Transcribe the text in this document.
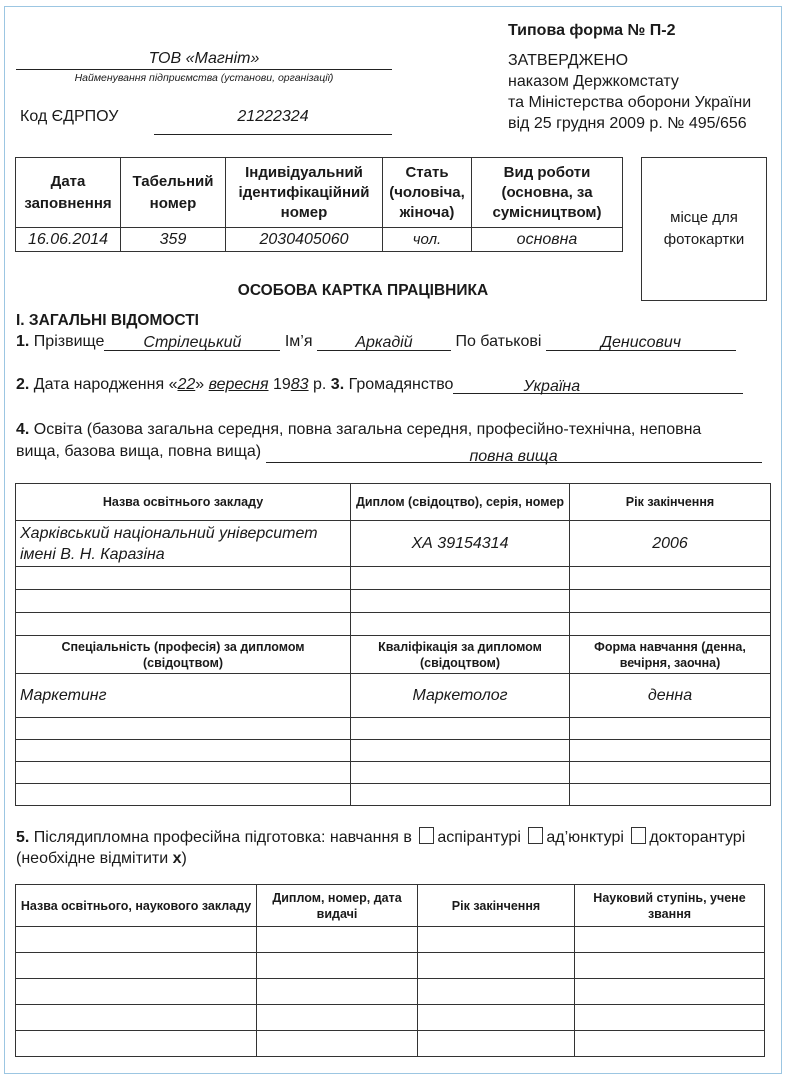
Типова форма № П-2
ЗАТВЕРДЖЕНО
наказом Держкомстату
та Міністерства оборони України
від 25 грудня 2009 р. № 495/656
ТОВ «Магніт»
Найменування підприємства (установи, організації)
Код ЄДРПОУ	21222324
Дата заповнення	Табельний номер	Індивідуальний ідентифікаційний номер	Стать (чоловіча, жіноча)	Вид роботи (основна, за сумісництвом)
16.06.2014	359	2030405060	чол.	основна
місце для фотокартки
ОСОБОВА КАРТКА ПРАЦІВНИКА
І. ЗАГАЛЬНІ ВІДОМОСТІ
1. Прізвище Стрілецький	Ім’я	Аркадій	По батькові	Денисович
2. Дата народження «22» вересня 1983 р. 3. Громадянство	Україна
4. Освіта (базова загальна середня, повна загальна середня, професійно-технічна, неповна
вища, базова вища, повна вища)	повна вища
Назва освітнього закладу	Диплом (свідоцтво), серія, номер	Рік закінчення
Харківський національний університет імені В. Н. Каразіна	ХА 39154314	2006

Спеціальність (професія) за дипломом (свідоцтвом)	Кваліфікація за дипломом (свідоцтвом)	Форма навчання (денна, вечірня, заочна)
Маркетинг	Маркетолог	денна

5. Післядипломна професійна підготовка: навчання в аспірантурі ад’юнктурі докторантурі
(необхідне відмітити х)
Назва освітнього, наукового закладу	Диплом, номер, дата видачі	Рік закінчення	Науковий ступінь, учене звання
